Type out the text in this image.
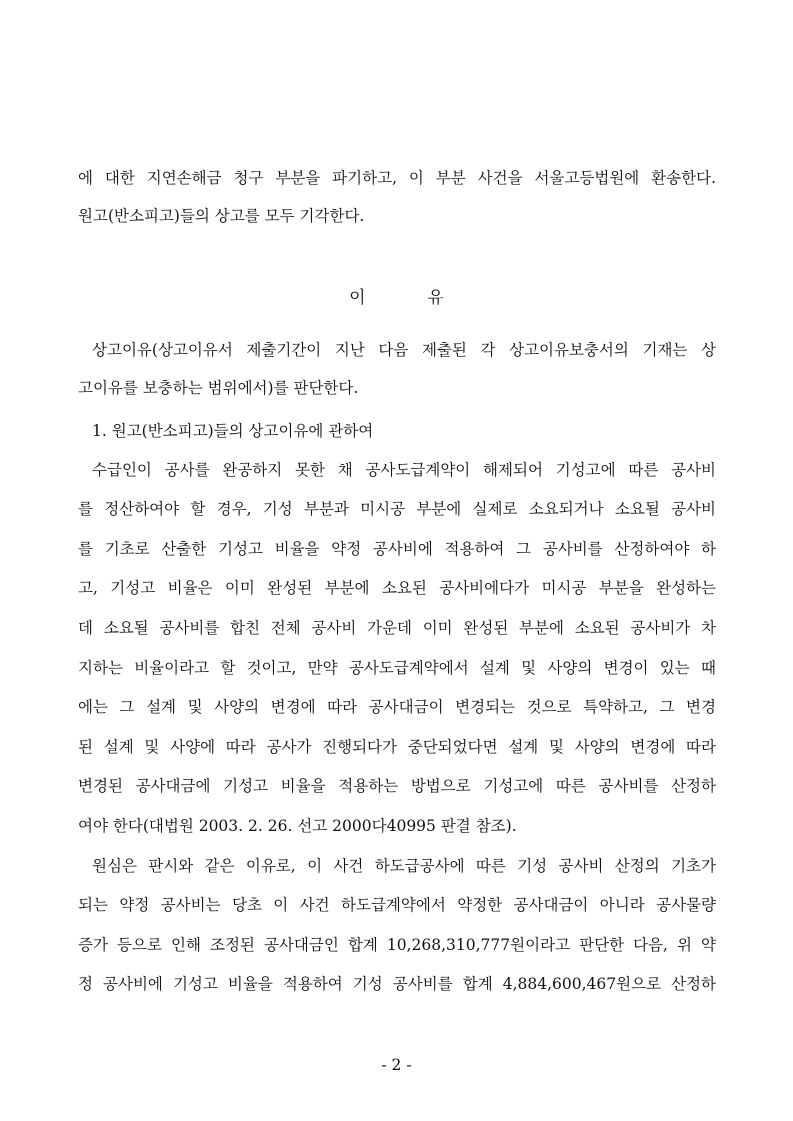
에 대한 지연손해금 청구 부분을 파기하고, 이 부분 사건을 서울고등법원에 환송한다.
원고(반소피고)들의 상고를 모두 기각한다.
이	유
상고이유(상고이유서 제출기간이 지난 다음 제출된 각 상고이유보충서의 기재는 상
고이유를 보충하는 범위에서)를 판단한다.
1. 원고(반소피고)들의 상고이유에 관하여
수급인이 공사를 완공하지 못한 채 공사도급계약이 해제되어 기성고에 따른 공사비
를 정산하여야 할 경우, 기성 부분과 미시공 부분에 실제로 소요되거나 소요될 공사비
를 기초로 산출한 기성고 비율을 약정 공사비에 적용하여 그 공사비를 산정하여야 하
고, 기성고 비율은 이미 완성된 부분에 소요된 공사비에다가 미시공 부분을 완성하는
데 소요될 공사비를 합친 전체 공사비 가운데 이미 완성된 부분에 소요된 공사비가 차
지하는 비율이라고 할 것이고, 만약 공사도급계약에서 설계 및 사양의 변경이 있는 때
에는 그 설계 및 사양의 변경에 따라 공사대금이 변경되는 것으로 특약하고, 그 변경
된 설계 및 사양에 따라 공사가 진행되다가 중단되었다면 설계 및 사양의 변경에 따라
변경된 공사대금에 기성고 비율을 적용하는 방법으로 기성고에 따른 공사비를 산정하
여야 한다(대법원 2003. 2. 26. 선고 2000다40995 판결 참조).
원심은 판시와 같은 이유로, 이 사건 하도급공사에 따른 기성 공사비 산정의 기초가
되는 약정 공사비는 당초 이 사건 하도급계약에서 약정한 공사대금이 아니라 공사물량
증가 등으로 인해 조정된 공사대금인 합계 10,268,310,777원이라고 판단한 다음, 위 약
정 공사비에 기성고 비율을 적용하여 기성 공사비를 합계 4,884,600,467원으로 산정하
- 2 -
